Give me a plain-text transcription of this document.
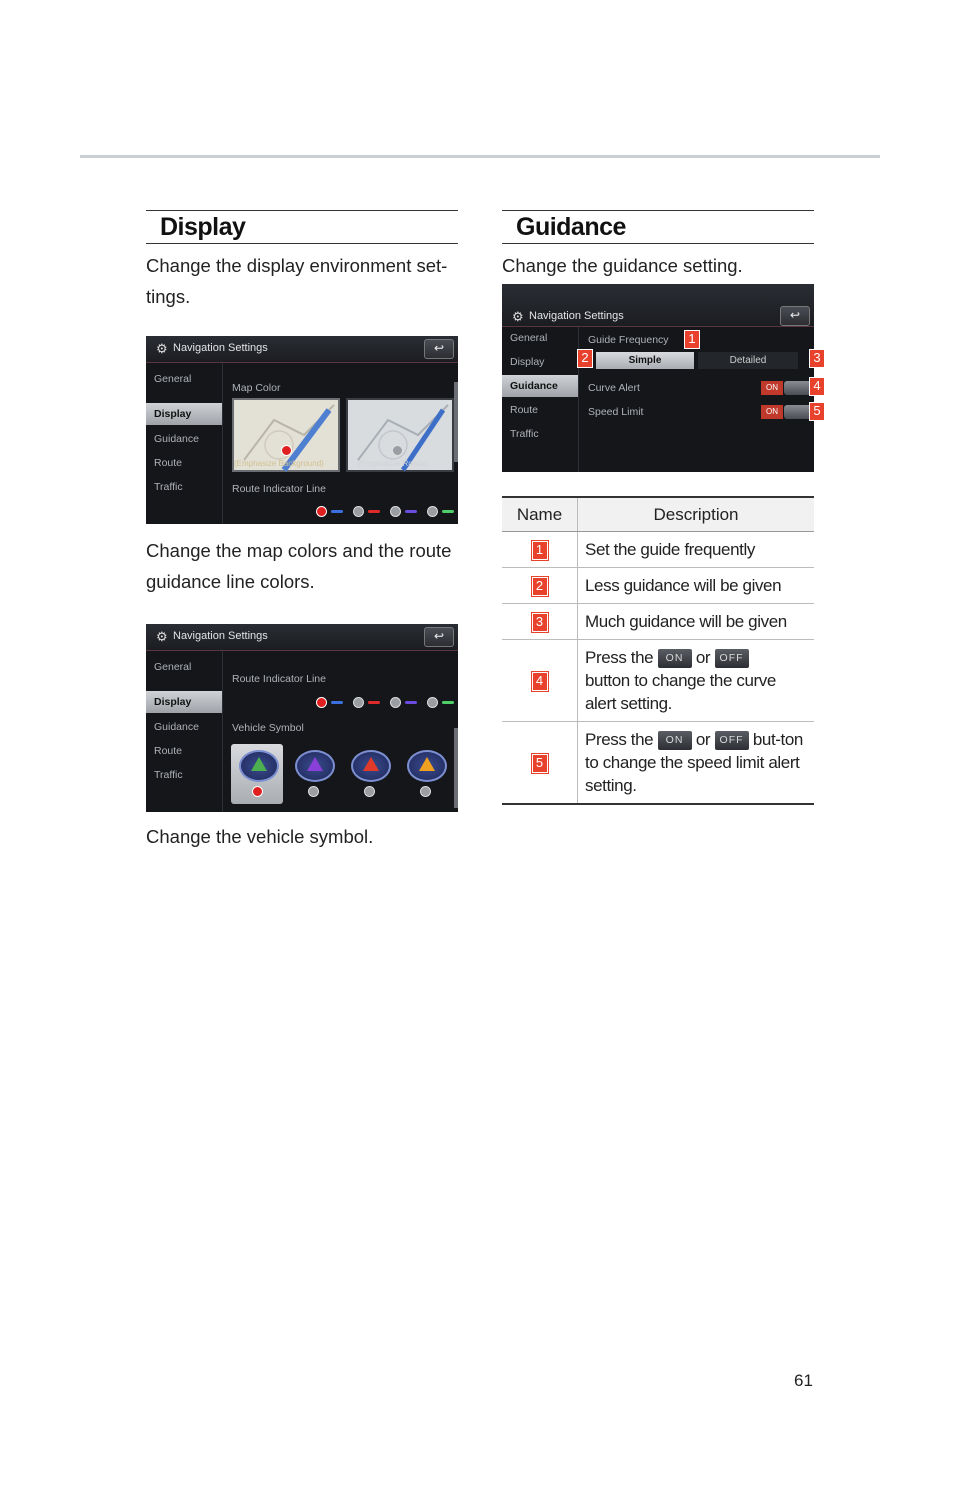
Display
Change the display environment set-tings.
⚙ Navigation Settings	↩
General
Display
Guidance
Route
Traffic
Map Color
(Emphasize Background)	(Emphasize Roads)
Route Indicator Line
Change the map colors and the route guidance line colors.
⚙ Navigation Settings	↩
General
Display
Guidance
Route
Traffic
Route Indicator Line
Vehicle Symbol
Change the vehicle symbol.
Guidance
Change the guidance setting.
⚙ Navigation Settings	↩
General
Display
Guidance
Route
Traffic
Guide Frequency
Simple	Detailed
Curve Alert	ON
Speed Limit	ON
1
2	3
4
5
Name	Description
1	Set the guide frequently
2	Less guidance will be given
3	Much guidance will be given
4	Press the ON or OFF
button to change the curve alert setting.
5	Press the ON or OFF but-ton to change the speed limit alert setting.
61
